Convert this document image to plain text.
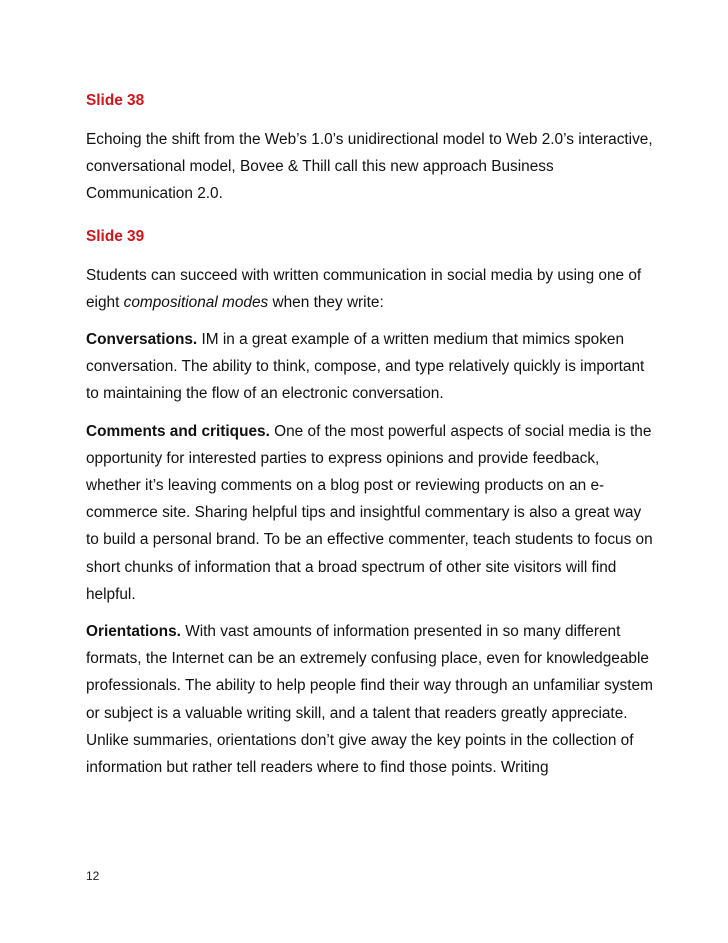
Slide 38

Echoing the shift from the Web’s 1.0’s unidirectional model to Web 2.0’s interactive, conversational model, Bovee & Thill call this new approach Business Communication 2.0.

Slide 39

Students can succeed with written communication in social media by using one of eight compositional modes when they write:

Conversations. IM in a great example of a written medium that mimics spoken conversation. The ability to think, compose, and type relatively quickly is important to maintaining the flow of an electronic conversation.

Comments and critiques. One of the most powerful aspects of social media is the opportunity for interested parties to express opinions and provide feedback, whether it’s leaving comments on a blog post or reviewing products on an e-commerce site. Sharing helpful tips and insightful commentary is also a great way to build a personal brand. To be an effective commenter, teach students to focus on short chunks of information that a broad spectrum of other site visitors will find helpful.

Orientations. With vast amounts of information presented in so many different formats, the Internet can be an extremely confusing place, even for knowledgeable professionals. The ability to help people find their way through an unfamiliar system or subject is a valuable writing skill, and a talent that readers greatly appreciate. Unlike summaries, orientations don’t give away the key points in the collection of information but rather tell readers where to find those points. Writing

12
